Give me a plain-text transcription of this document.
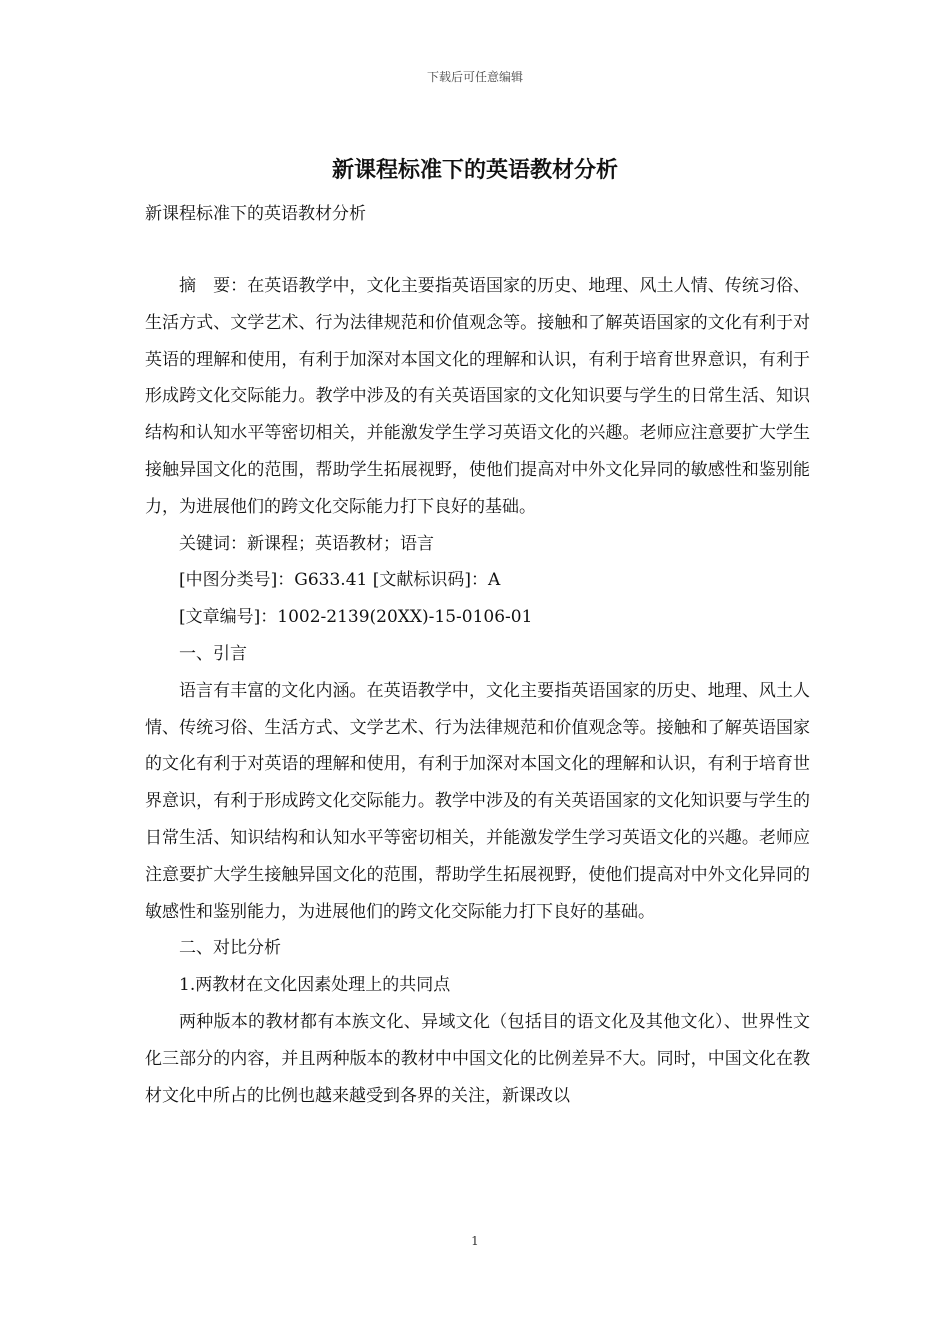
下载后可任意编辑
新课程标准下的英语教材分析

新课程标准下的英语教材分析

摘　要：在英语教学中，文化主要指英语国家的历史、地理、风土人情、传统习俗、生活方式、文学艺术、行为法律规范和价值观念等。接触和了解英语国家的文化有利于对英语的理解和使用，有利于加深对本国文化的理解和认识，有利于培育世界意识，有利于形成跨文化交际能力。教学中涉及的有关英语国家的文化知识要与学生的日常生活、知识结构和认知水平等密切相关，并能激发学生学习英语文化的兴趣。老师应注意要扩大学生接触异国文化的范围，帮助学生拓展视野，使他们提高对中外文化异同的敏感性和鉴别能力，为进展他们的跨文化交际能力打下良好的基础。

关键词：新课程；英语教材；语言

[中图分类号]：G633.41 [文献标识码]：A

[文章编号]：1002-2139(20XX)-15-0106-01

一、引言

语言有丰富的文化内涵。在英语教学中，文化主要指英语国家的历史、地理、风土人情、传统习俗、生活方式、文学艺术、行为法律规范和价值观念等。接触和了解英语国家的文化有利于对英语的理解和使用，有利于加深对本国文化的理解和认识，有利于培育世界意识，有利于形成跨文化交际能力。教学中涉及的有关英语国家的文化知识要与学生的日常生活、知识结构和认知水平等密切相关，并能激发学生学习英语文化的兴趣。老师应注意要扩大学生接触异国文化的范围，帮助学生拓展视野，使他们提高对中外文化异同的敏感性和鉴别能力，为进展他们的跨文化交际能力打下良好的基础。

二、对比分析

1.两教材在文化因素处理上的共同点

两种版本的教材都有本族文化、异域文化（包括目的语文化及其他文化）、世界性文化三部分的内容，并且两种版本的教材中中国文化的比例差异不大。同时，中国文化在教材文化中所占的比例也越来越受到各界的关注，新课改以

1
